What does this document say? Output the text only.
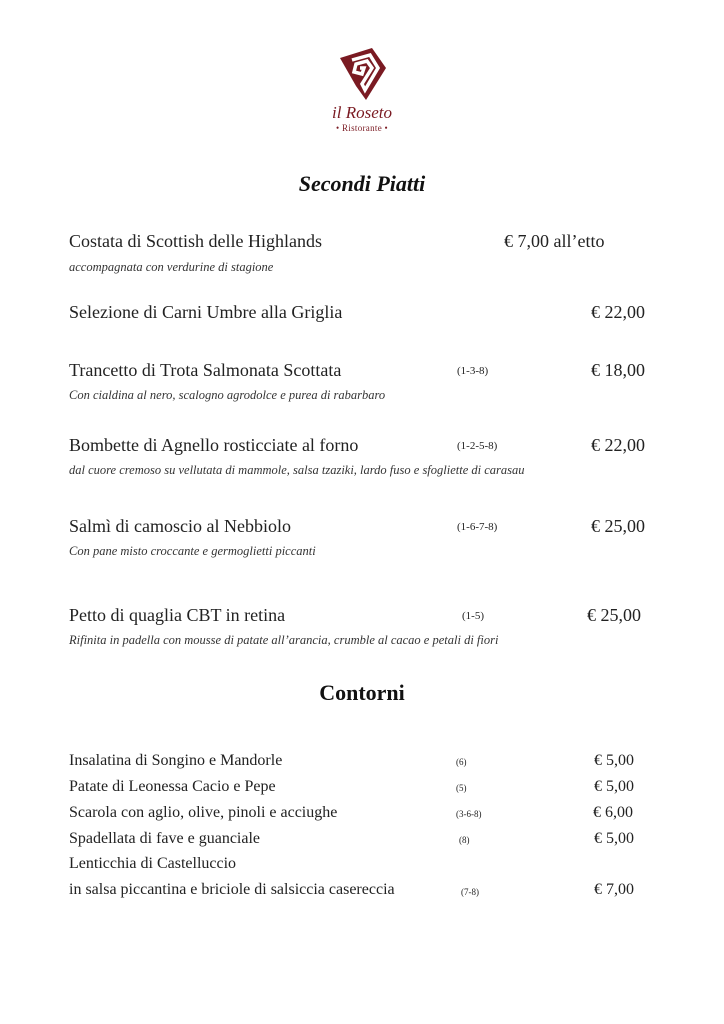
il Roseto
• Ristorante •
Secondi Piatti
Costata di Scottish delle Highlands	€ 7,00 all’etto
accompagnata con verdurine di stagione
Selezione di Carni Umbre alla Griglia	€ 22,00
Trancetto di Trota Salmonata Scottata	(1-3-8)	€ 18,00
Con cialdina al nero, scalogno agrodolce e purea di rabarbaro
Bombette di Agnello rosticciate al forno	(1-2-5-8)	€ 22,00
dal cuore cremoso su vellutata di mammole, salsa tzaziki, lardo fuso e sfogliette di carasau
Salmì di camoscio al Nebbiolo	(1-6-7-8)	€ 25,00
Con pane misto croccante e germoglietti piccanti
Petto di quaglia CBT in retina	(1-5)	€ 25,00
Rifinita in padella con mousse di patate all’arancia, crumble al cacao e petali di fiori
Contorni
Insalatina di Songino e Mandorle	(6)	€ 5,00
Patate di Leonessa Cacio e Pepe	(5)	€ 5,00
Scarola con aglio, olive, pinoli e acciughe	(3-6-8)	€ 6,00
Spadellata di fave e guanciale	(8)	€ 5,00
Lenticchia di Castelluccio
in salsa piccantina e briciole di salsiccia casereccia	(7-8)	€ 7,00
